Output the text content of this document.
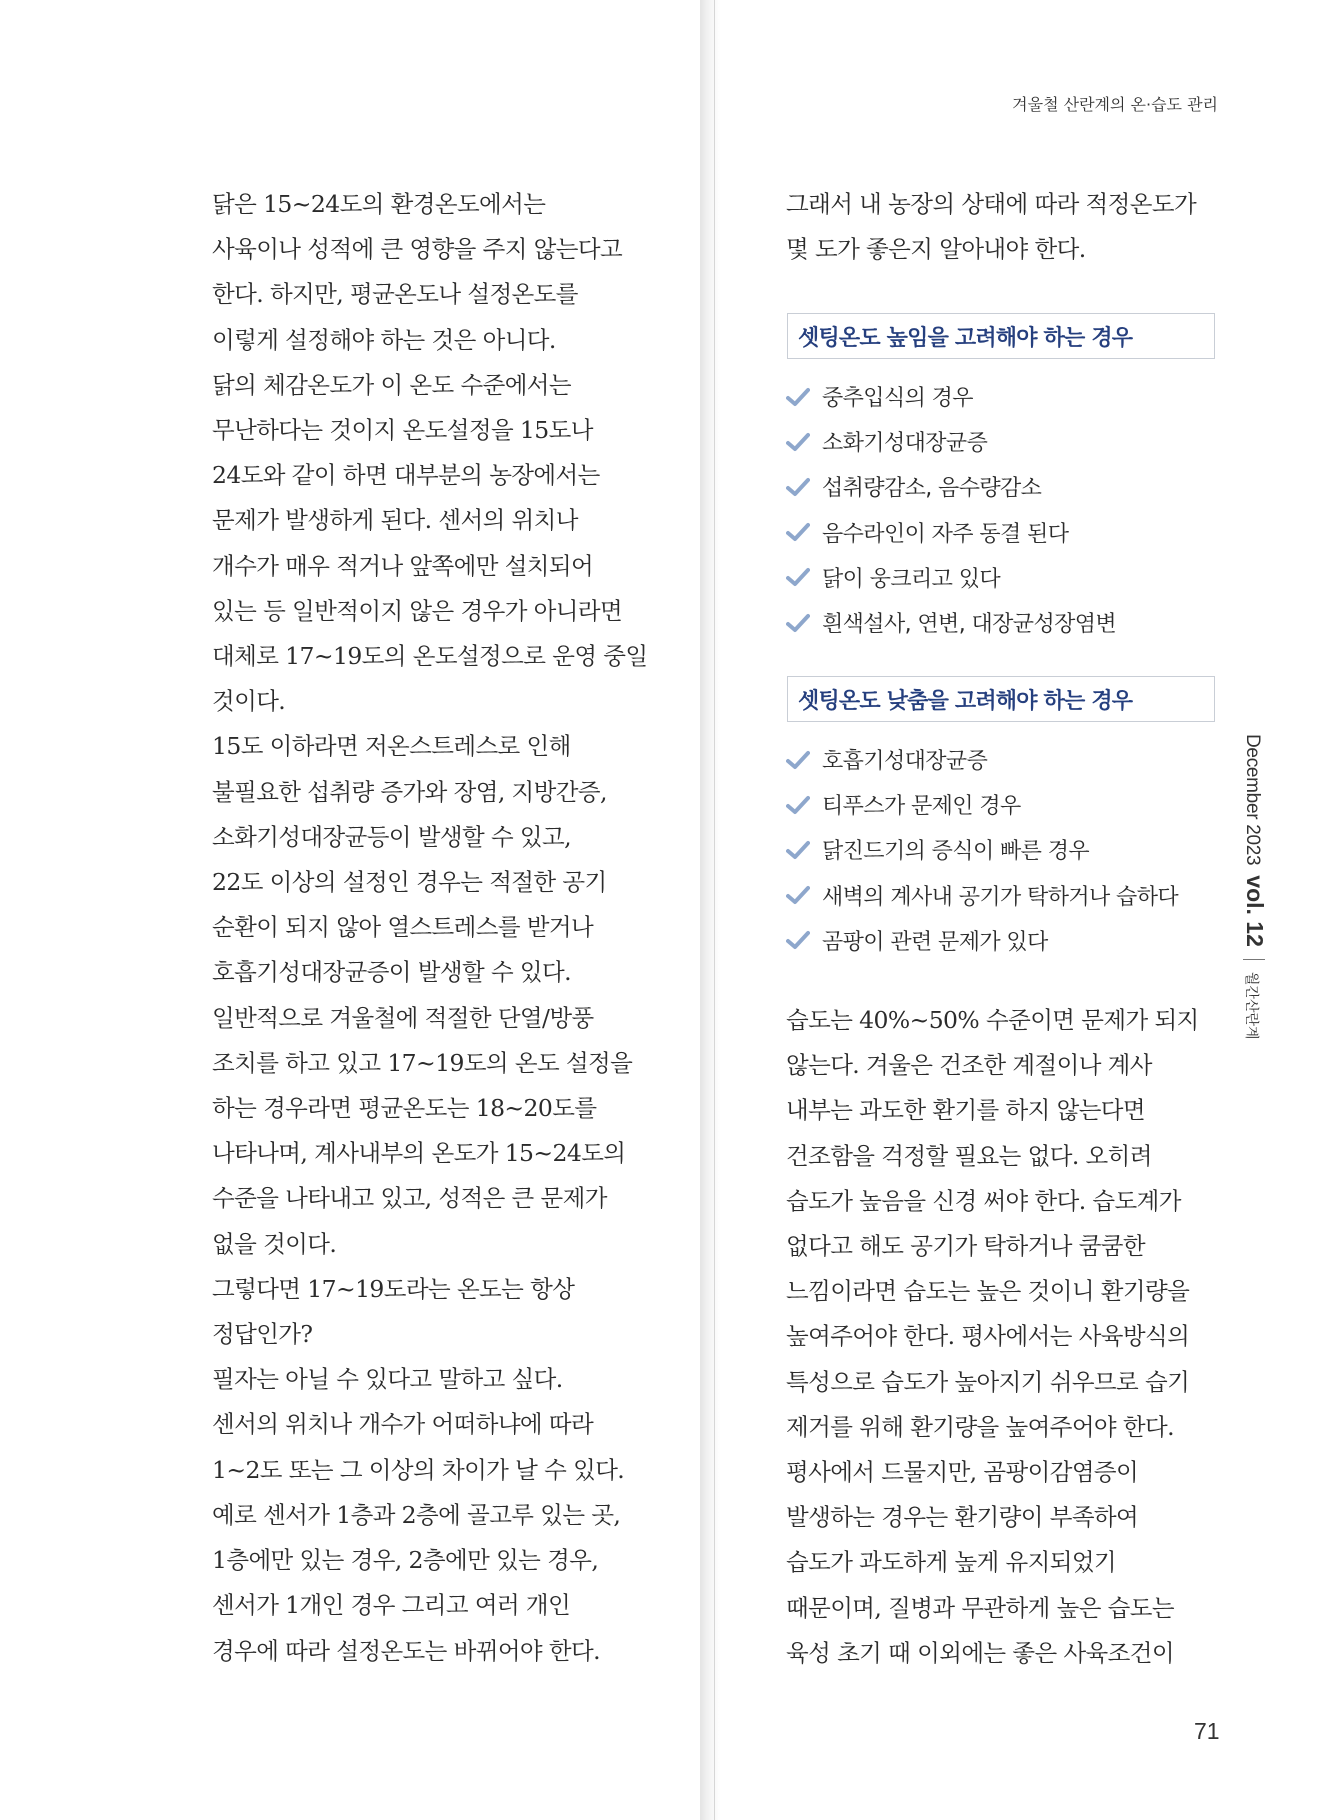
겨울철 산란계의 온·습도 관리

닭은 15~24도의 환경온도에서는
사육이나 성적에 큰 영향을 주지 않는다고
한다. 하지만, 평균온도나 설정온도를
이렇게 설정해야 하는 것은 아니다.
닭의 체감온도가 이 온도 수준에서는
무난하다는 것이지 온도설정을 15도나
24도와 같이 하면 대부분의 농장에서는
문제가 발생하게 된다. 센서의 위치나
개수가 매우 적거나 앞쪽에만 설치되어
있는 등 일반적이지 않은 경우가 아니라면
대체로 17~19도의 온도설정으로 운영 중일
것이다.
15도 이하라면 저온스트레스로 인해
불필요한 섭취량 증가와 장염, 지방간증,
소화기성대장균등이 발생할 수 있고,
22도 이상의 설정인 경우는 적절한 공기
순환이 되지 않아 열스트레스를 받거나
호흡기성대장균증이 발생할 수 있다.
일반적으로 겨울철에 적절한 단열/방풍
조치를 하고 있고 17~19도의 온도 설정을
하는 경우라면 평균온도는 18~20도를
나타나며, 계사내부의 온도가 15~24도의
수준을 나타내고 있고, 성적은 큰 문제가
없을 것이다.
그렇다면 17~19도라는 온도는 항상
정답인가?
필자는 아닐 수 있다고 말하고 싶다.
센서의 위치나 개수가 어떠하냐에 따라
1~2도 또는 그 이상의 차이가 날 수 있다.
예로 센서가 1층과 2층에 골고루 있는 곳,
1층에만 있는 경우, 2층에만 있는 경우,
센서가 1개인 경우 그리고 여러 개인
경우에 따라 설정온도는 바뀌어야 한다.

그래서 내 농장의 상태에 따라 적정온도가
몇 도가 좋은지 알아내야 한다.

셋팅온도 높임을 고려해야 하는 경우
중추입식의 경우
소화기성대장균증
섭취량감소, 음수량감소
음수라인이 자주 동결 된다
닭이 웅크리고 있다
흰색설사, 연변, 대장균성장염변
셋팅온도 낮춤을 고려해야 하는 경우
호흡기성대장균증
티푸스가 문제인 경우
닭진드기의 증식이 빠른 경우
새벽의 계사내 공기가 탁하거나 습하다
곰팡이 관련 문제가 있다

습도는 40%~50% 수준이면 문제가 되지
않는다. 겨울은 건조한 계절이나 계사
내부는 과도한 환기를 하지 않는다면
건조함을 걱정할 필요는 없다. 오히려
습도가 높음을 신경 써야 한다. 습도계가
없다고 해도 공기가 탁하거나 쿰쿰한
느낌이라면 습도는 높은 것이니 환기량을
높여주어야 한다. 평사에서는 사육방식의
특성으로 습도가 높아지기 쉬우므로 습기
제거를 위해 환기량을 높여주어야 한다.
평사에서 드물지만, 곰팡이감염증이
발생하는 경우는 환기량이 부족하여
습도가 과도하게 높게 유지되었기
때문이며, 질병과 무관하게 높은 습도는
육성 초기 때 이외에는 좋은 사육조건이

December 2023
vol. 12
월간산란계
71
